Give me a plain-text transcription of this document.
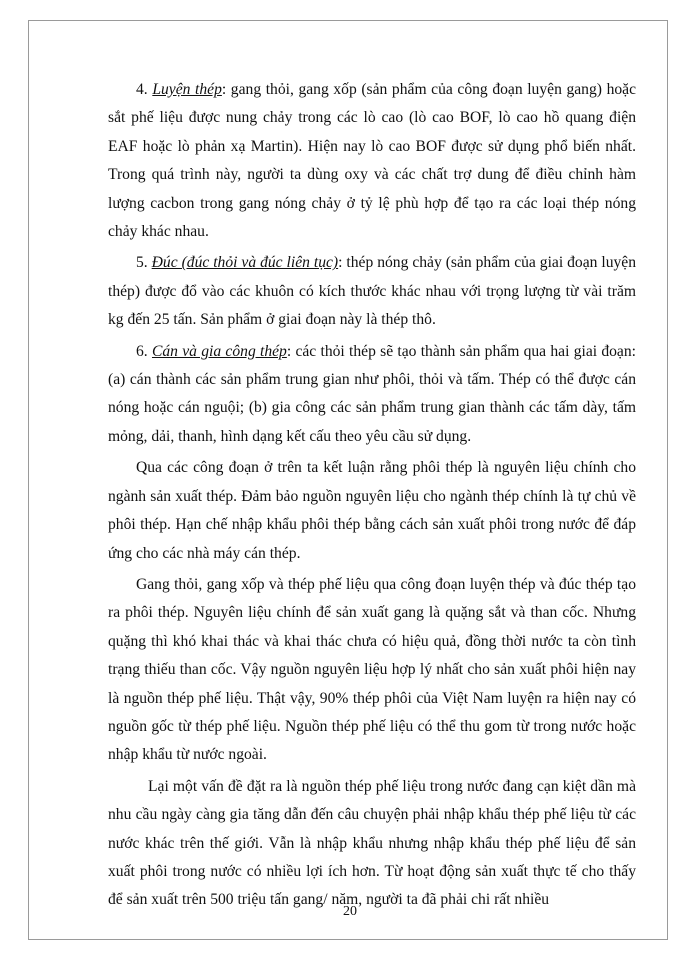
4. Luyện thép: gang thỏi, gang xốp (sản phẩm của công đoạn luyện gang) hoặc sắt phế liệu được nung chảy trong các lò cao (lò cao BOF, lò cao hồ quang điện EAF hoặc lò phản xạ Martin). Hiện nay lò cao BOF được sử dụng phổ biến nhất. Trong quá trình này, người ta dùng oxy và các chất trợ dung để điều chỉnh hàm lượng cacbon trong gang nóng chảy ở tỷ lệ phù hợp để tạo ra các loại thép nóng chảy khác nhau.

5. Đúc (đúc thỏi và đúc liên tục): thép nóng chảy (sản phẩm của giai đoạn luyện thép) được đổ vào các khuôn có kích thước khác nhau với trọng lượng từ vài trăm kg đến 25 tấn. Sản phẩm ở giai đoạn này là thép thô.

6. Cán và gia công thép: các thỏi thép sẽ tạo thành sản phẩm qua hai giai đoạn: (a) cán thành các sản phẩm trung gian như phôi, thỏi và tấm. Thép có thể được cán nóng hoặc cán nguội; (b) gia công các sản phẩm trung gian thành các tấm dày, tấm mỏng, dải, thanh, hình dạng kết cấu theo yêu cầu sử dụng.

Qua các công đoạn ở trên ta kết luận rằng phôi thép là nguyên liệu chính cho ngành sản xuất thép. Đảm bảo nguồn nguyên liệu cho ngành thép chính là tự chủ về phôi thép. Hạn chế nhập khẩu phôi thép bằng cách sản xuất phôi trong nước để đáp ứng cho các nhà máy cán thép.

Gang thỏi, gang xốp và thép phế liệu qua công đoạn luyện thép và đúc thép tạo ra phôi thép. Nguyên liệu chính để sản xuất gang là quặng sắt và than cốc. Nhưng quặng thì khó khai thác và khai thác chưa có hiệu quả, đồng thời nước ta còn tình trạng thiếu than cốc. Vậy nguồn nguyên liệu hợp lý nhất cho sản xuất phôi hiện nay là nguồn thép phế liệu. Thật vậy, 90% thép phôi của Việt Nam luyện ra hiện nay có nguồn gốc từ thép phế liệu. Nguồn thép phế liệu có thể thu gom từ trong nước hoặc nhập khẩu từ nước ngoài.

Lại một vấn đề đặt ra là nguồn thép phế liệu trong nước đang cạn kiệt dần mà nhu cầu ngày càng gia tăng dẫn đến câu chuyện phải nhập khẩu thép phế liệu từ các nước khác trên thế giới. Vẫn là nhập khẩu nhưng nhập khẩu thép phế liệu để sản xuất phôi trong nước có nhiều lợi ích hơn. Từ hoạt động sản xuất thực tế cho thấy để sản xuất trên 500 triệu tấn gang/ năm, người ta đã phải chi rất nhiều

20
